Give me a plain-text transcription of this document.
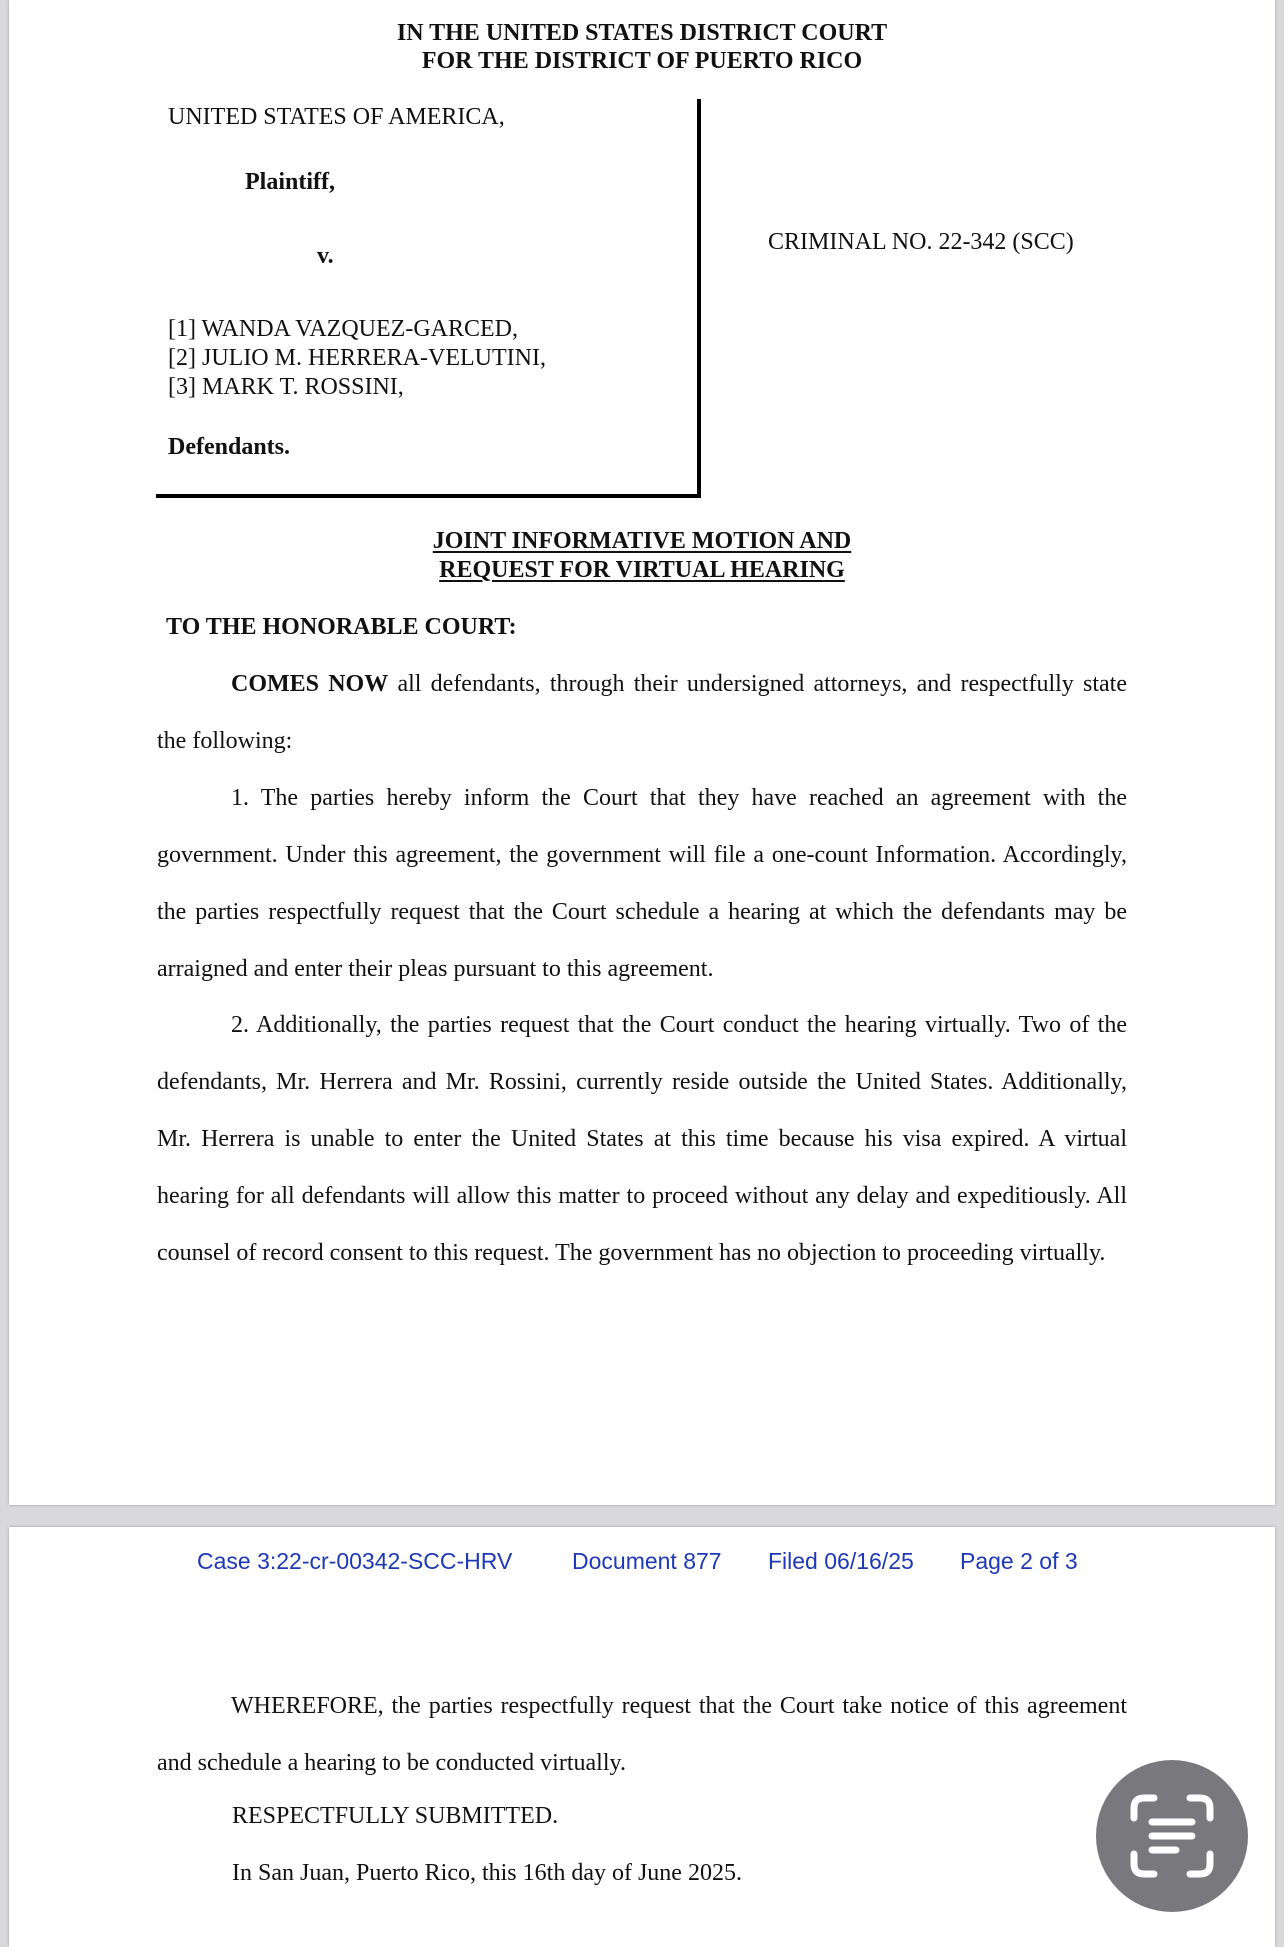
IN THE UNITED STATES DISTRICT COURT
FOR THE DISTRICT OF PUERTO RICO
UNITED STATES OF AMERICA,
Plaintiff,
v.
[1] WANDA VAZQUEZ-GARCED,
[2] JULIO M. HERRERA-VELUTINI,
[3] MARK T. ROSSINI,
Defendants.
CRIMINAL NO. 22-342 (SCC)
JOINT INFORMATIVE MOTION AND
REQUEST FOR VIRTUAL HEARING
TO THE HONORABLE COURT:

COMES NOW all defendants, through their undersigned attorneys, and respectfully state the following:

1. The parties hereby inform the Court that they have reached an agreement with the government. Under this agreement, the government will file a one-count Information. Accordingly, the parties respectfully request that the Court schedule a hearing at which the defendants may be arraigned and enter their pleas pursuant to this agreement.

2. Additionally, the parties request that the Court conduct the hearing virtually. Two of the defendants, Mr. Herrera and Mr. Rossini, currently reside outside the United States. Additionally, Mr. Herrera is unable to enter the United States at this time because his visa expired. A virtual hearing for all defendants will allow this matter to proceed without any delay and expeditiously. All counsel of record consent to this request. The government has no objection to proceeding virtually.

WHEREFORE, the parties respectfully request that the Court take notice of this agreement and schedule a hearing to be conducted virtually.

RESPECTFULLY SUBMITTED.
In San Juan, Puerto Rico, this 16th day of June 2025.
Case 3:22-cr-00342-SCC-HRV	Document 877 Filed 06/16/25 Page 2 of 3
